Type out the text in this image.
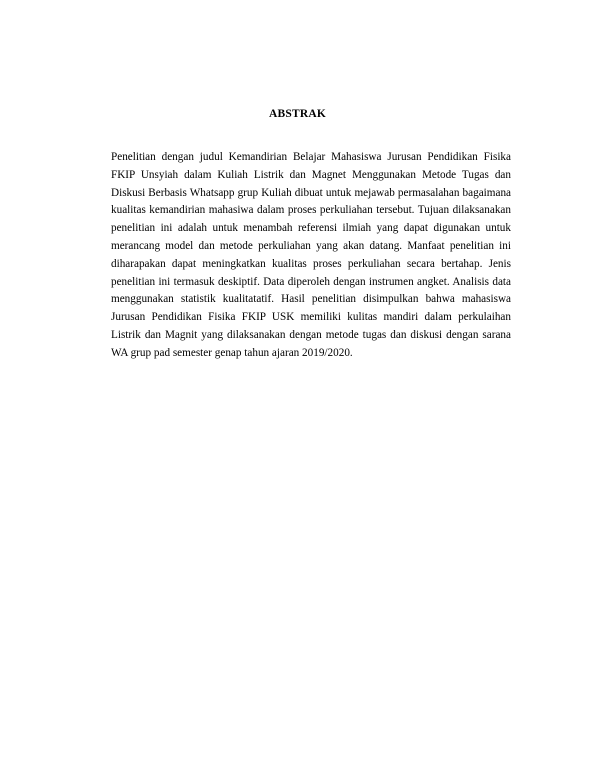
ABSTRAK

Penelitian dengan judul Kemandirian Belajar Mahasiswa Jurusan Pendidikan Fisika FKIP Unsyiah dalam Kuliah Listrik dan Magnet Menggunakan Metode Tugas dan Diskusi Berbasis Whatsapp grup Kuliah dibuat untuk mejawab permasalahan bagaimana kualitas kemandirian mahasiwa dalam proses perkuliahan tersebut. Tujuan dilaksanakan penelitian ini adalah untuk menambah referensi ilmiah yang dapat digunakan untuk merancang model dan metode perkuliahan yang akan datang. Manfaat penelitian ini diharapakan dapat meningkatkan kualitas proses perkuliahan secara bertahap. Jenis penelitian ini termasuk deskiptif. Data diperoleh dengan instrumen angket. Analisis data menggunakan statistik kualitatatif. Hasil penelitian disimpulkan bahwa mahasiswa Jurusan Pendidikan Fisika FKIP USK memiliki kulitas mandiri dalam perkulaihan Listrik dan Magnit yang dilaksanakan dengan metode tugas dan diskusi dengan sarana WA grup pad semester genap tahun ajaran 2019/2020.
